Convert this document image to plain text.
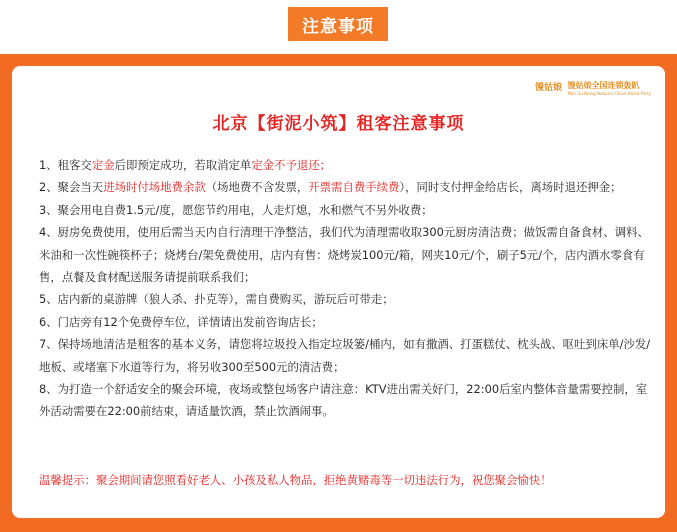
注意事项
馒姑娘 馒姑娘全国连锁轰趴
Man Gu Niang National Chain Home Party
北京【街泥小筑】租客注意事项

1、租客交定金后即预定成功，若取消定单定金不予退还；

2、聚会当天进场时付场地费余款（场地费不含发票，开票需自费手续费），同时支付押金给店长，离场时退还押金；

3、聚会用电自费1.5元/度，愿您节约用电，人走灯熄，水和燃气不另外收费；

4、厨房免费使用，使用后需当天内自行清理干净整洁，我们代为清理需收取300元厨房清洁费；做饭需自备食材、调料、米油和一次性碗筷杯子；烧烤台/架免费使用，店内有售：烧烤炭100元/箱，网夹10元/个，刷子5元/个，店内酒水零食有售，点餐及食材配送服务请提前联系我们；

5、店内新的桌游牌（狼人杀、扑克等），需自费购买，游玩后可带走；

6、门店旁有12个免费停车位，详情请出发前咨询店长；

7、保持场地清洁是租客的基本义务，请您将垃圾投入指定垃圾篓/桶内，如有撒酒、打蛋糕仗、枕头战、呕吐到床单/沙发/地板、或堵塞下水道等行为，将另收300至500元的清洁费；

8、为打造一个舒适安全的聚会环境，夜场或整包场客户请注意：KTV进出需关好门，22:00后室内整体音量需要控制，室外活动需要在22:00前结束，请适量饮酒，禁止饮酒闹事。

温馨提示：聚会期间请您照看好老人、小孩及私人物品，拒绝黄赌毒等一切违法行为，祝您聚会愉快！
